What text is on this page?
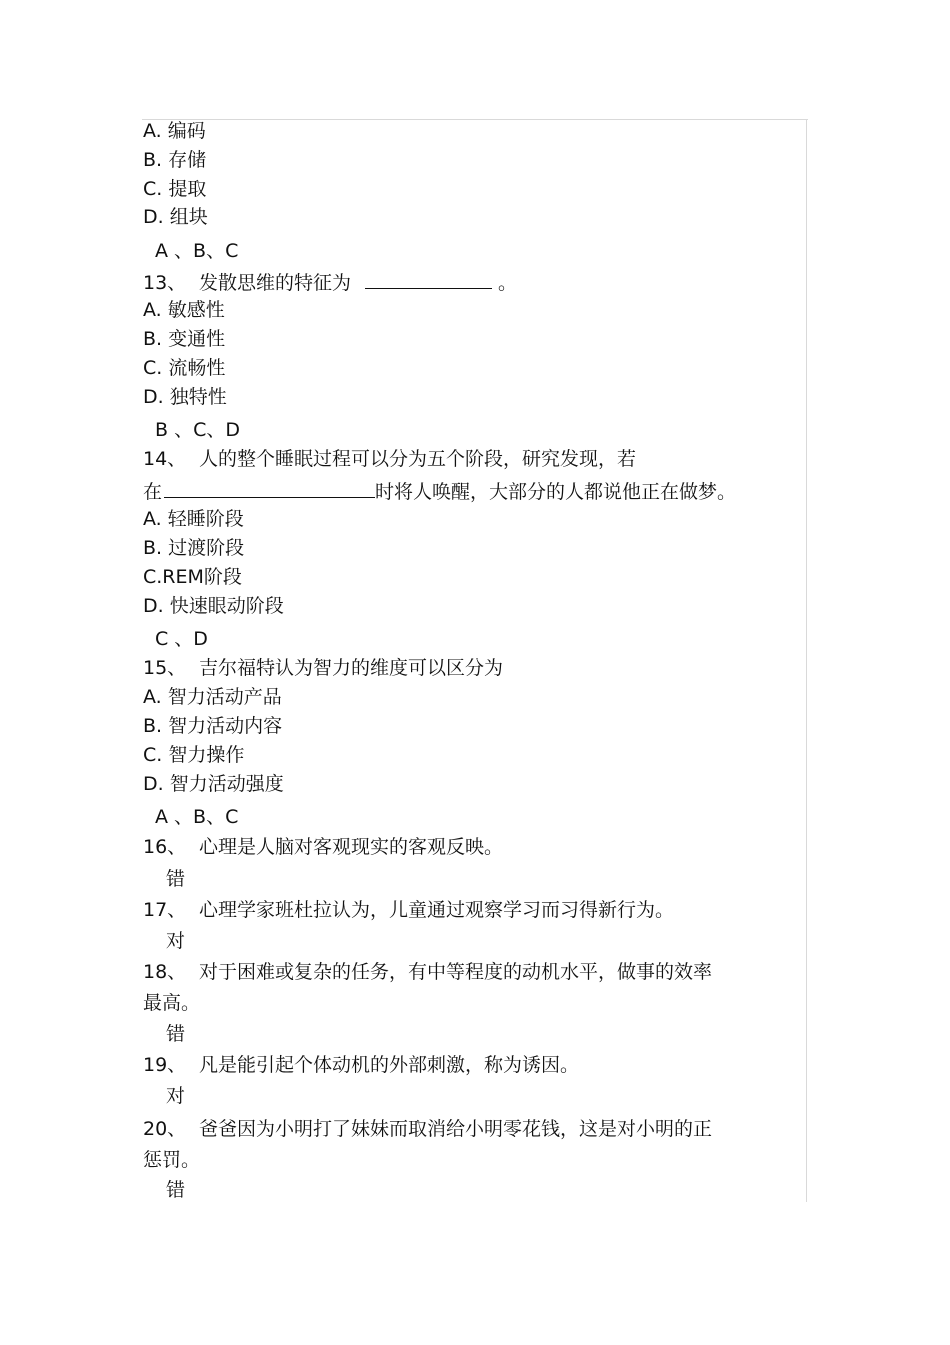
A. 编码
B. 存储
C. 提取
D. 组块
A 、B、C
13、 发散思维的特征为	。
A. 敏感性
B. 变通性
C. 流畅性
D. 独特性
B 、C、D
14、 人的整个睡眠过程可以分为五个阶段，研究发现，若
在	时将人唤醒，大部分的人都说他正在做梦。
A. 轻睡阶段
B. 过渡阶段
C.REM阶段
D. 快速眼动阶段
C 、D
15、 吉尔福特认为智力的维度可以区分为
A. 智力活动产品
B. 智力活动内容
C. 智力操作
D. 智力活动强度
A 、B、C
16、 心理是人脑对客观现实的客观反映。
错
17、 心理学家班杜拉认为，儿童通过观察学习而习得新行为。
对
18、 对于困难或复杂的任务，有中等程度的动机水平，做事的效率
最高。
错
19、 凡是能引起个体动机的外部刺激，称为诱因。
对
20、 爸爸因为小明打了妹妹而取消给小明零花钱，这是对小明的正
惩罚。
错
